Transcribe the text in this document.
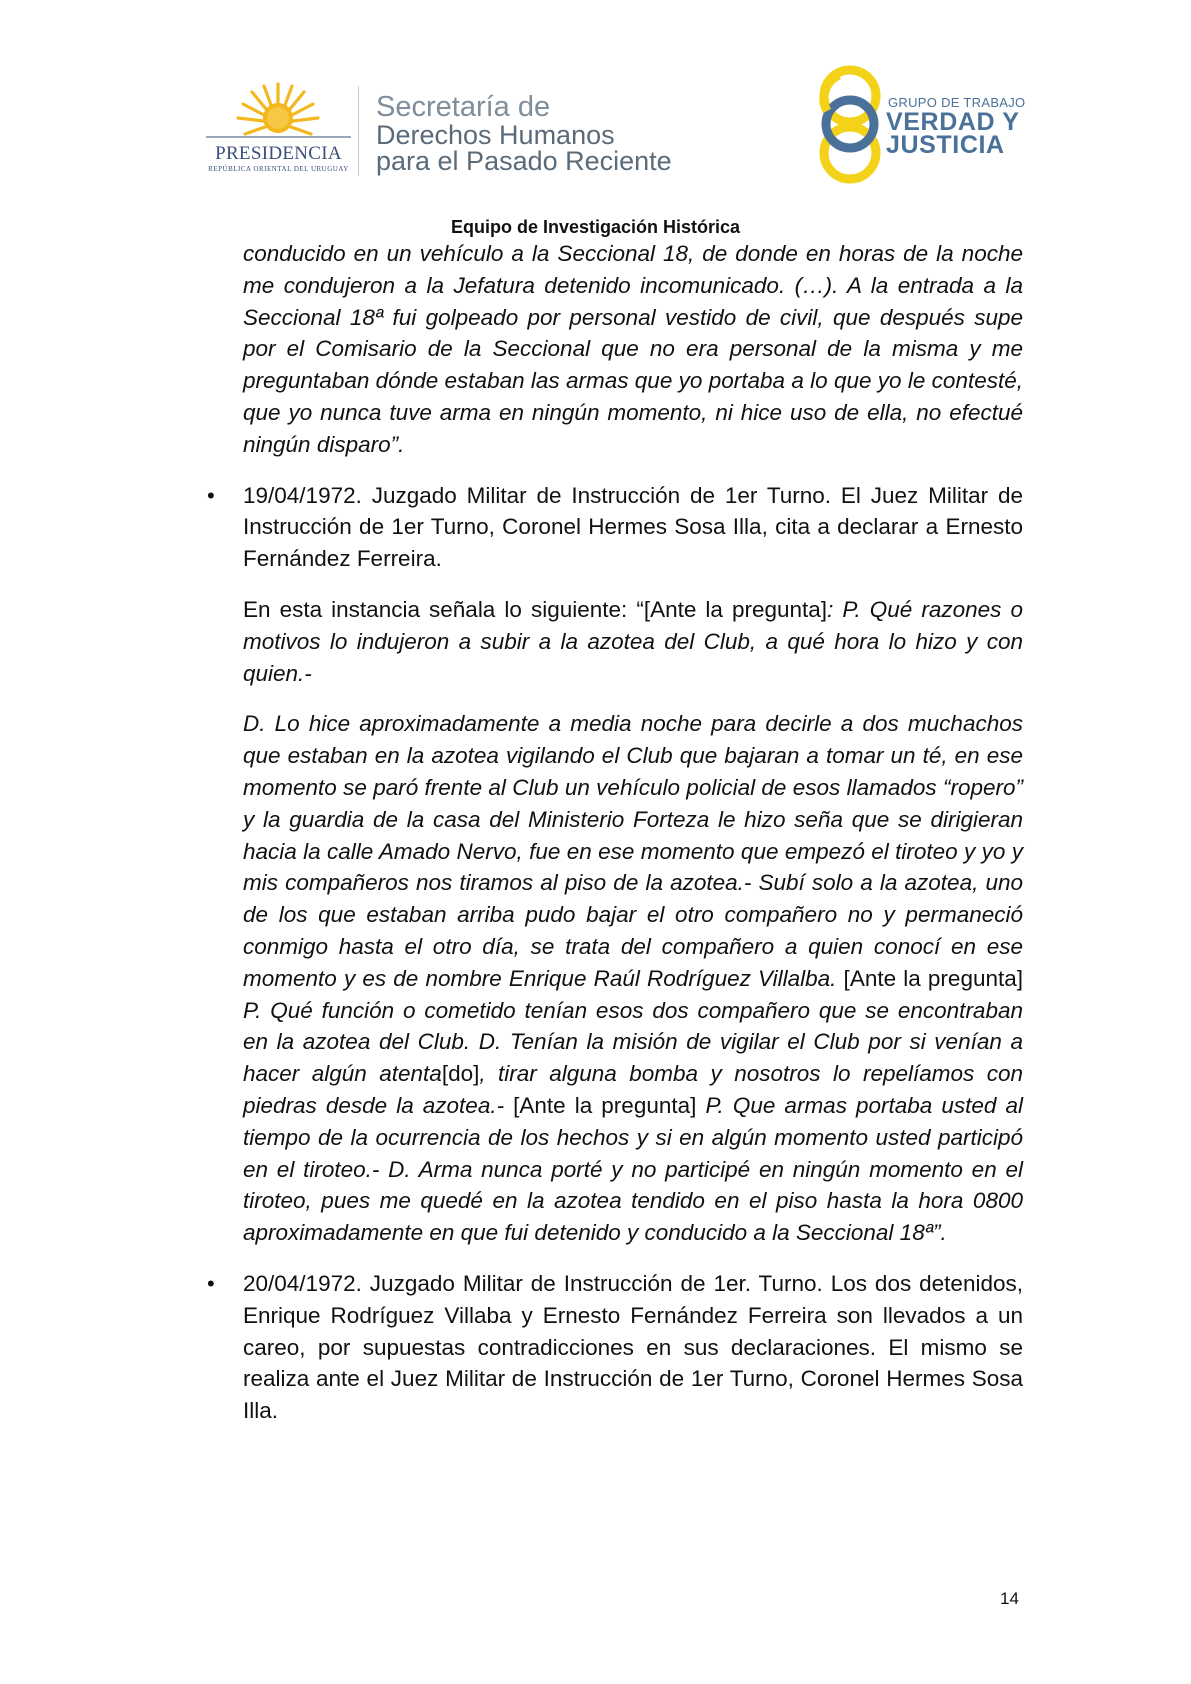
PRESIDENCIA
REPÚBLICA ORIENTAL DEL URUGUAY
Secretaría de
Derechos Humanos
para el Pasado Reciente
GRUPO DE TRABAJO
VERDAD Y
JUSTICIA
Equipo de Investigación Histórica

conducido en un vehículo a la Seccional 18, de donde en horas de la noche me condujeron a la Jefatura detenido incomunicado. (…). A la entrada a la Seccional 18ª fui golpeado por personal vestido de civil, que después supe por el Comisario de la Seccional que no era personal de la misma y me preguntaban dónde estaban las armas que yo portaba a lo que yo le contesté, que yo nunca tuve arma en ningún momento, ni hice uso de ella, no efectué ningún disparo”.

• 19/04/1972. Juzgado Militar de Instrucción de 1er Turno. El Juez Militar de Instrucción de 1er Turno, Coronel Hermes Sosa Illa, cita a declarar a Ernesto Fernández Ferreira.

En esta instancia señala lo siguiente: “[Ante la pregunta]: P. Qué razones o motivos lo indujeron a subir a la azotea del Club, a qué hora lo hizo y con quien.-

D. Lo hice aproximadamente a media noche para decirle a dos muchachos que estaban en la azotea vigilando el Club que bajaran a tomar un té, en ese momento se paró frente al Club un vehículo policial de esos llamados “ropero” y la guardia de la casa del Ministerio Forteza le hizo seña que se dirigieran hacia la calle Amado Nervo, fue en ese momento que empezó el tiroteo y yo y mis compañeros nos tiramos al piso de la azotea.- Subí solo a la azotea, uno de los que estaban arriba pudo bajar el otro compañero no y permaneció conmigo hasta el otro día, se trata del compañero a quien conocí en ese momento y es de nombre Enrique Raúl Rodríguez Villalba. [Ante la pregunta] P. Qué función o cometido tenían esos dos compañero que se encontraban en la azotea del Club. D. Tenían la misión de vigilar el Club por si venían a hacer algún atenta[do], tirar alguna bomba y nosotros lo repelíamos con piedras desde la azotea.- [Ante la pregunta] P. Que armas portaba usted al tiempo de la ocurrencia de los hechos y si en algún momento usted participó en el tiroteo.- D. Arma nunca porté y no participé en ningún momento en el tiroteo, pues me quedé en la azotea tendido en el piso hasta la hora 0800 aproximadamente en que fui detenido y conducido a la Seccional 18ª”.

• 20/04/1972. Juzgado Militar de Instrucción de 1er. Turno. Los dos detenidos, Enrique Rodríguez Villaba y Ernesto Fernández Ferreira son llevados a un careo, por supuestas contradicciones en sus declaraciones. El mismo se realiza ante el Juez Militar de Instrucción de 1er Turno, Coronel Hermes Sosa Illa.

14
